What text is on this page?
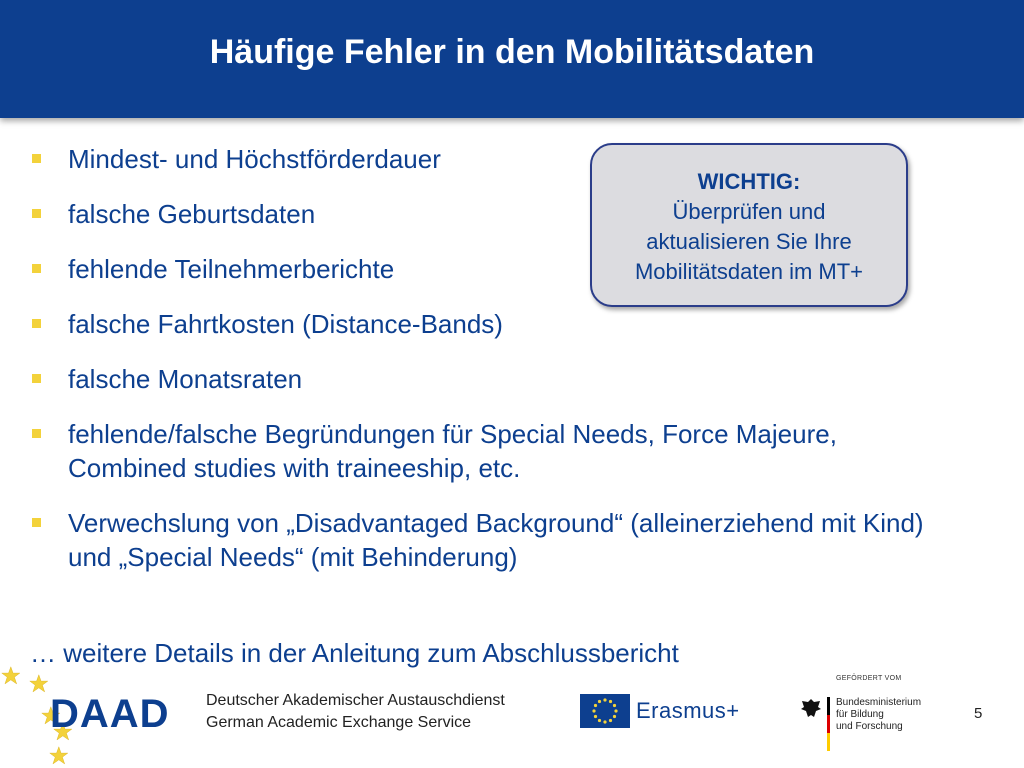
Häufige Fehler in den Mobilitätsdaten
Mindest- und Höchstförderdauer
falsche Geburtsdaten
fehlende Teilnehmerberichte
falsche Fahrtkosten (Distance-Bands)
falsche Monatsraten
fehlende/falsche Begründungen für Special Needs, Force Majeure, Combined studies with traineeship, etc.
Verwechslung von „Disadvantaged Background“ (alleinerziehend mit Kind) und „Special Needs“ (mit Behinderung)
WICHTIG:
Überprüfen und
aktualisieren Sie Ihre
Mobilitätsdaten im MT+
… weitere Details in der Anleitung zum Abschlussbericht
DAAD Deutscher Akademischer Austauschdienst
German Academic Exchange Service	Erasmus+
GEFÖRDERT VOM
Bundesministerium
für Bildung
und Forschung
5
